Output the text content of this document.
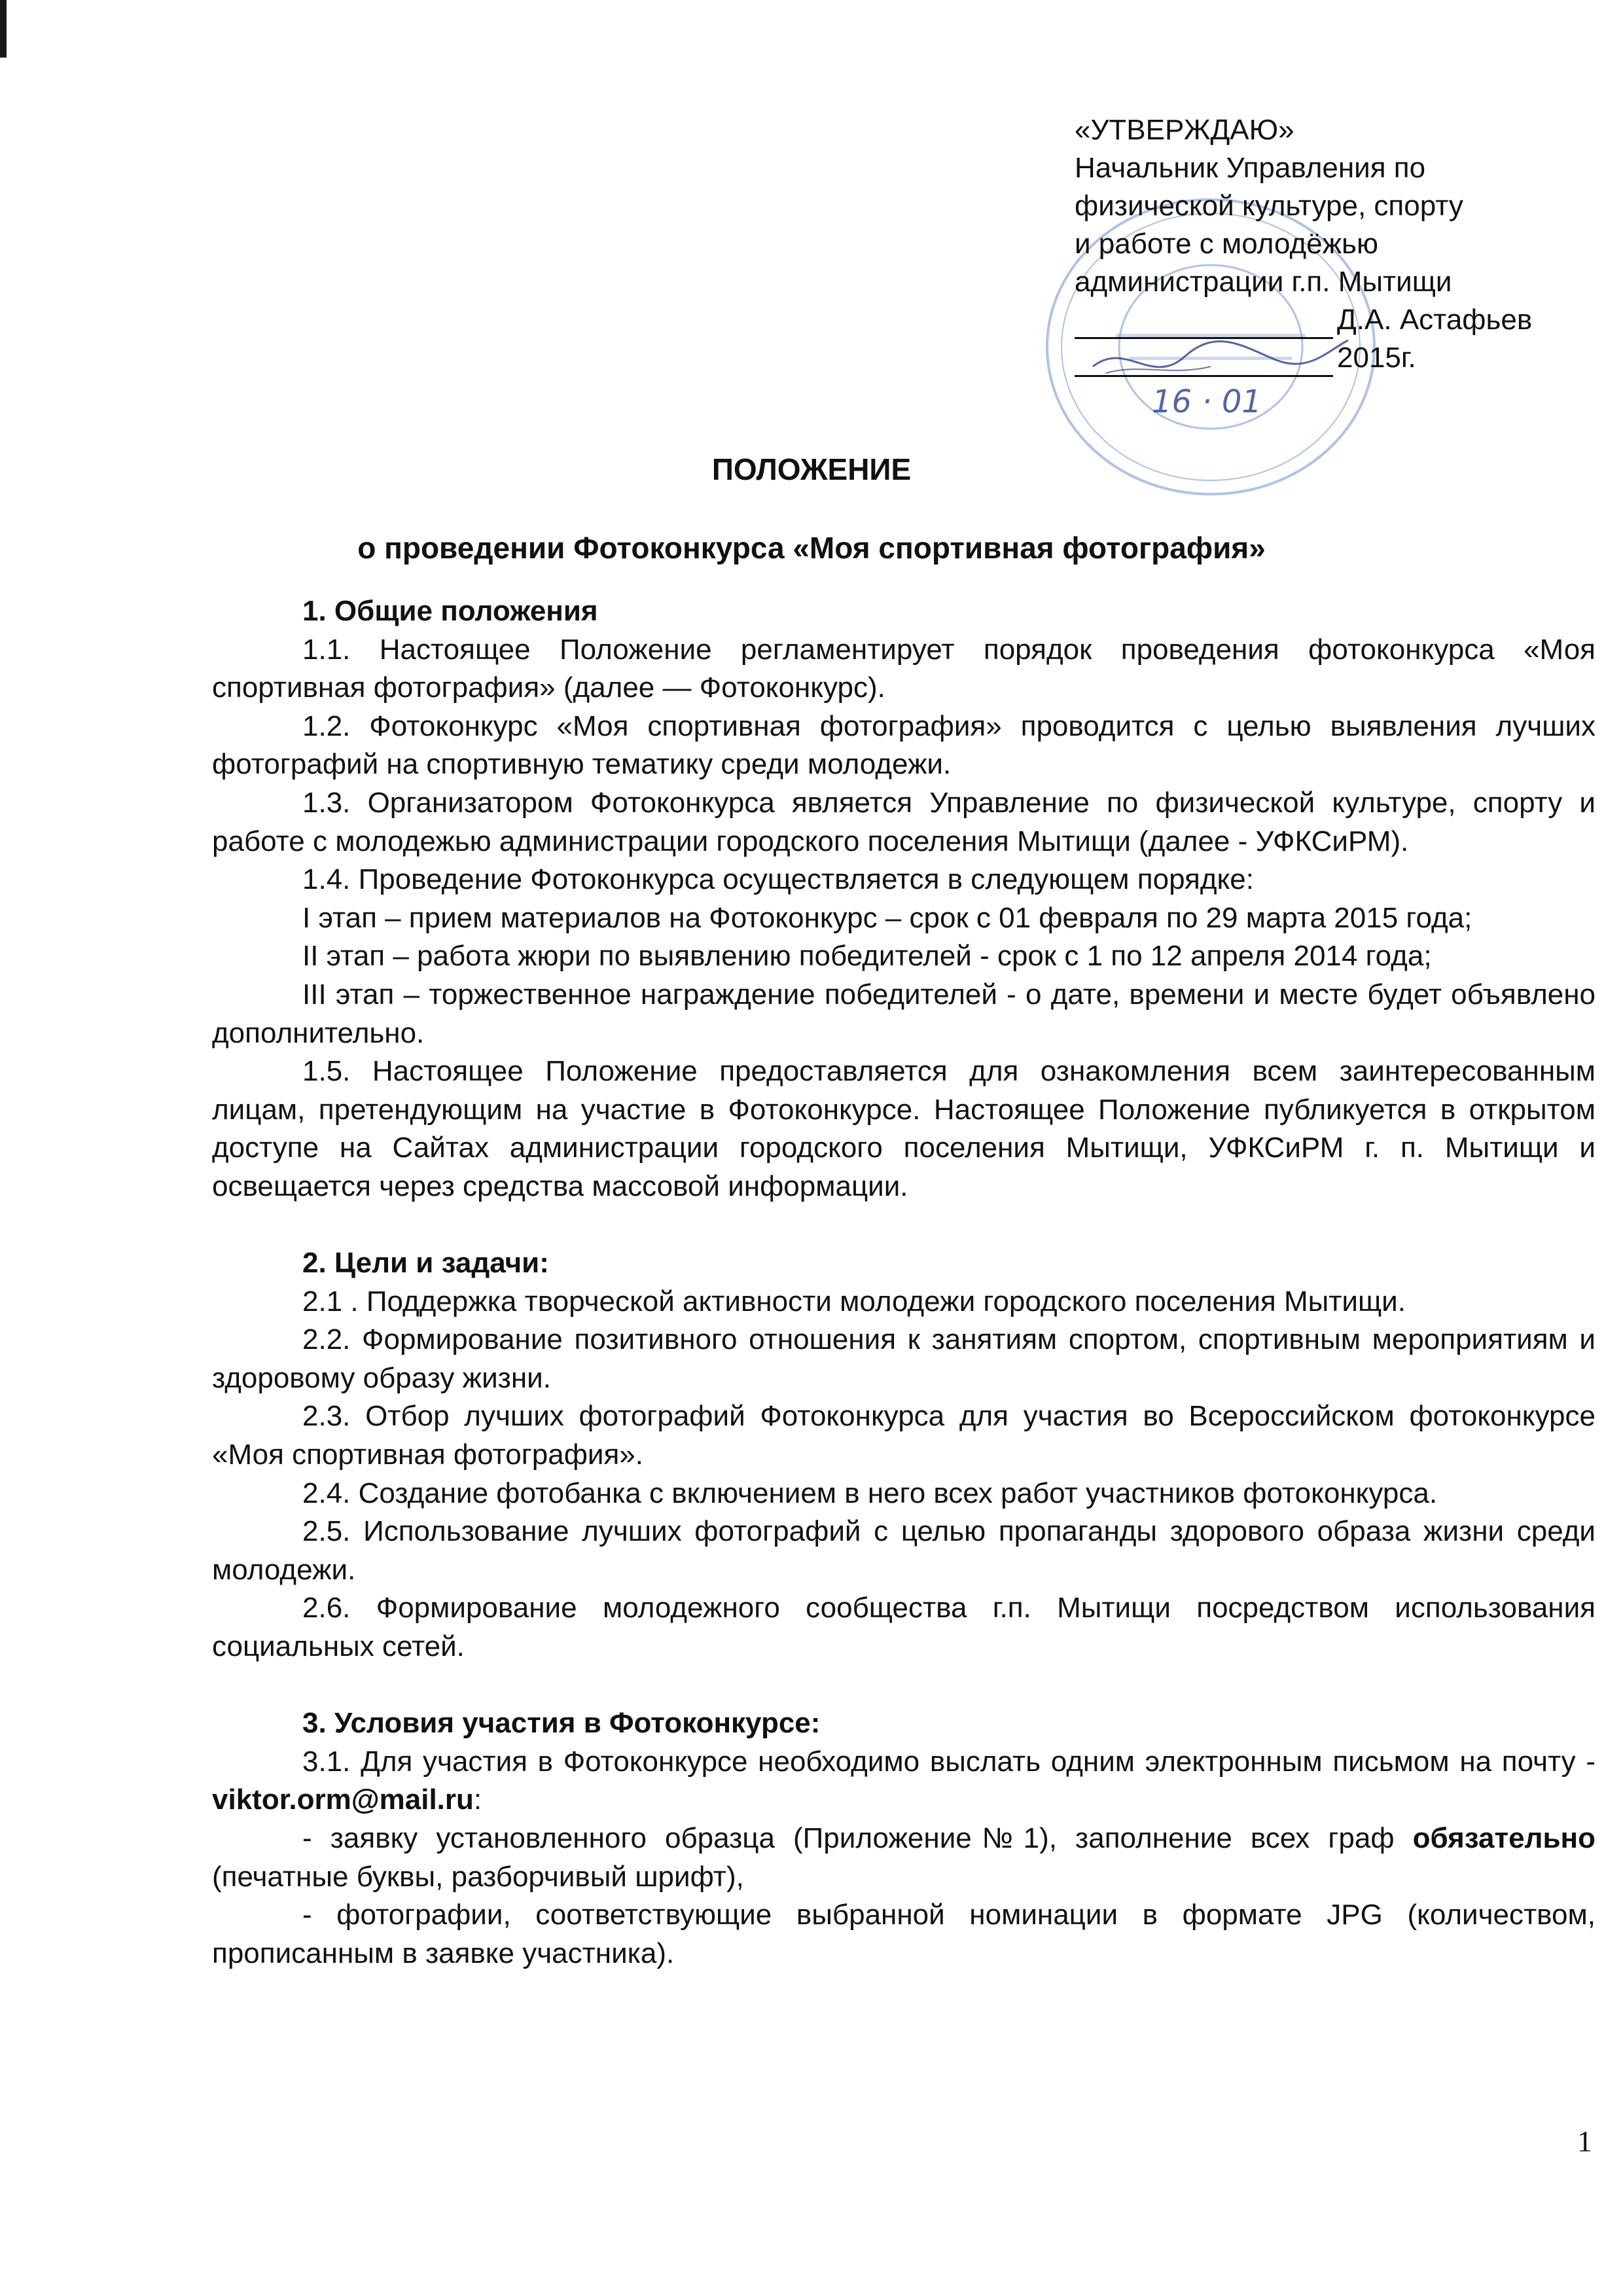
«УТВЕРЖДАЮ»
Начальник Управления по
физической культуре, спорту
и работе с молодёжью
администрации г.п. Мытищи
Д.А. Астафьев
2015г.
16 · 01
ПОЛОЖЕНИЕ
о проведении Фотоконкурса «Моя спортивная фотография»

1. Общие положения

1.1. Настоящее Положение регламентирует порядок проведения фотоконкурса «Моя спортивная фотография» (далее — Фотоконкурс).

1.2. Фотоконкурс «Моя спортивная фотография» проводится с целью выявления лучших фотографий на спортивную тематику среди молодежи.

1.3. Организатором Фотоконкурса является Управление по физической культуре, спорту и работе с молодежью администрации городского поселения Мытищи (далее - УФКСиРМ).

1.4. Проведение Фотоконкурса осуществляется в следующем порядке:

I этап – прием материалов на Фотоконкурс – срок с 01 февраля по 29 марта 2015 года;

II этап – работа жюри по выявлению победителей - срок с 1 по 12 апреля 2014 года;

III этап – торжественное награждение победителей - о дате, времени и месте будет объявлено дополнительно.

1.5. Настоящее Положение предоставляется для ознакомления всем заинтересованным лицам, претендующим на участие в Фотоконкурсе. Настоящее Положение публикуется в открытом доступе на Сайтах администрации городского поселения Мытищи, УФКСиРМ г. п. Мытищи и освещается через средства массовой информации.

2. Цели и задачи:

2.1 . Поддержка творческой активности молодежи городского поселения Мытищи.

2.2. Формирование позитивного отношения к занятиям спортом, спортивным мероприятиям и здоровому образу жизни.

2.3. Отбор лучших фотографий Фотоконкурса для участия во Всероссийском фотоконкурсе «Моя спортивная фотография».

2.4. Создание фотобанка с включением в него всех работ участников фотоконкурса.

2.5. Использование лучших фотографий с целью пропаганды здорового образа жизни среди молодежи.

2.6. Формирование молодежного сообщества г.п. Мытищи посредством использования социальных сетей.

3. Условия участия в Фотоконкурсе:

3.1. Для участия в Фотоконкурсе необходимо выслать одним электронным письмом на почту - viktor.orm@mail.ru:

- заявку установленного образца (Приложение№1), заполнение всех граф обязательно (печатные буквы, разборчивый шрифт),

- фотографии, соответствующие выбранной номинации в формате JPG (количеством, прописанным в заявке участника).

1
